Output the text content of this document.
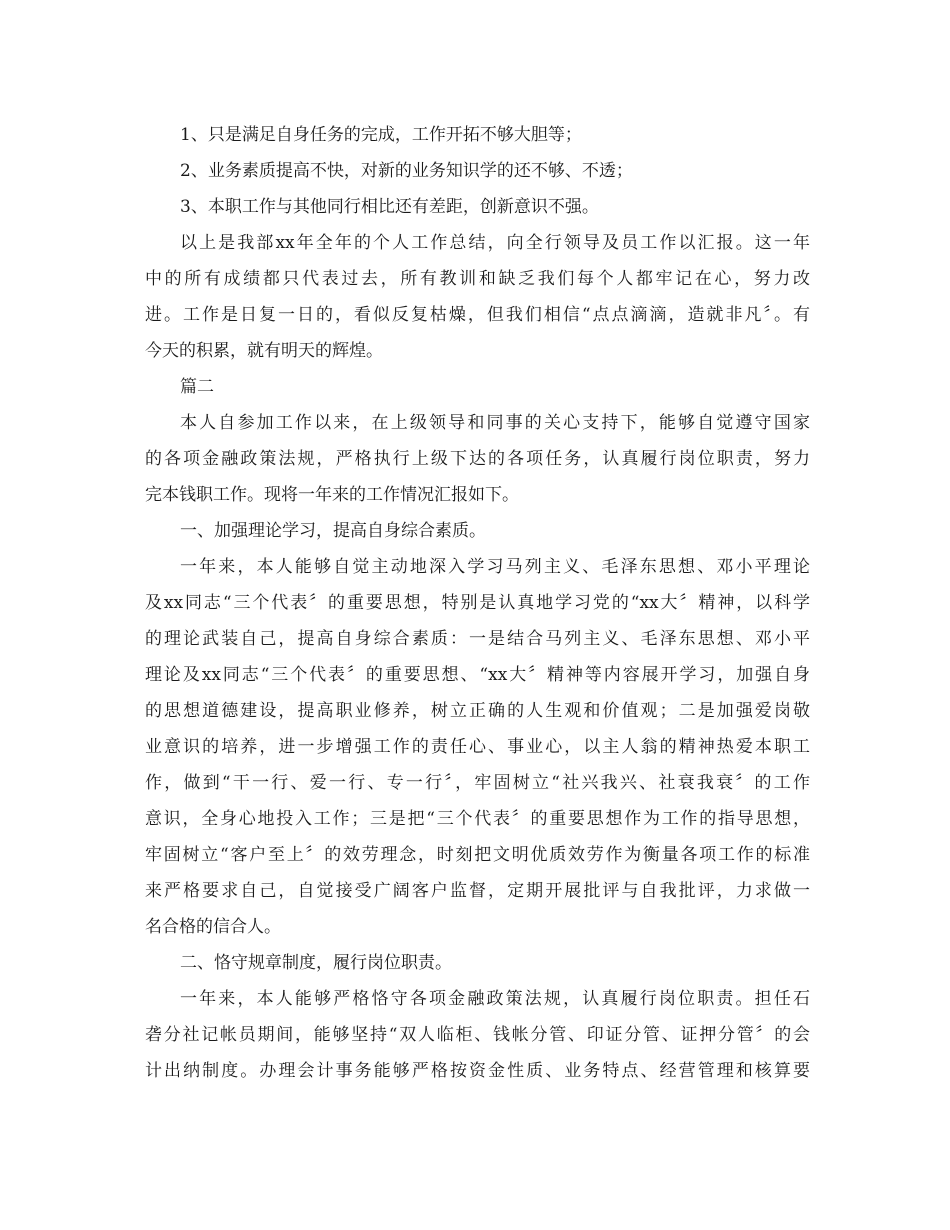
1、只是满足自身任务的完成，工作开拓不够大胆等；
2、业务素质提高不快，对新的业务知识学的还不够、不透；
3、本职工作与其他同行相比还有差距，创新意识不强。
以上是我部xx年全年的个人工作总结，向全行领导及员工作以汇报。这一年
中的所有成绩都只代表过去，所有教训和缺乏我们每个人都牢记在心，努力改
进。工作是日复一日的，看似反复枯燥，但我们相信“点点滴滴，造就非凡〞。有
今天的积累，就有明天的辉煌。
篇二
本人自参加工作以来，在上级领导和同事的关心支持下，能够自觉遵守国家
的各项金融政策法规，严格执行上级下达的各项任务，认真履行岗位职责，努力
完本钱职工作。现将一年来的工作情况汇报如下。
一、加强理论学习，提高自身综合素质。
一年来，本人能够自觉主动地深入学习马列主义、毛泽东思想、邓小平理论
及xx同志“三个代表〞的重要思想，特别是认真地学习党的“xx大〞精神，以科学
的理论武装自己，提高自身综合素质：一是结合马列主义、毛泽东思想、邓小平
理论及xx同志“三个代表〞的重要思想、“xx大〞精神等内容展开学习，加强自身
的思想道德建设，提高职业修养，树立正确的人生观和价值观；二是加强爱岗敬
业意识的培养，进一步增强工作的责任心、事业心，以主人翁的精神热爱本职工
作，做到“干一行、爱一行、专一行〞，牢固树立“社兴我兴、社衰我衰〞的工作
意识，全身心地投入工作；三是把“三个代表〞的重要思想作为工作的指导思想，
牢固树立“客户至上〞的效劳理念，时刻把文明优质效劳作为衡量各项工作的标准
来严格要求自己，自觉接受广阔客户监督，定期开展批评与自我批评，力求做一
名合格的信合人。
二、恪守规章制度，履行岗位职责。
一年来，本人能够严格恪守各项金融政策法规，认真履行岗位职责。担任石
砻分社记帐员期间，能够坚持“双人临柜、钱帐分管、印证分管、证押分管〞的会
计出纳制度。办理会计事务能够严格按资金性质、业务特点、经营管理和核算要
